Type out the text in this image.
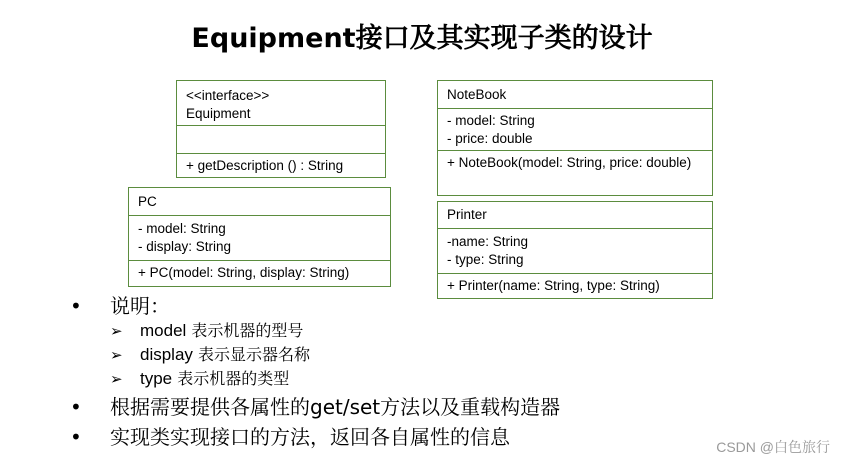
Equipment接口及其实现子类的设计
<<interface>>
Equipment
+ getDescription () : String
PC
- model: String
- display: String
+ PC(model: String, display: String)
NoteBook
- model: String
- price: double
+ NoteBook(model: String, price: double)
Printer
-name: String
- type: String
+ Printer(name: String, type: String)
•	说明：
➢ model 表示机器的型号
➢ display 表示显示器名称
➢ type 表示机器的类型
•	根据需要提供各属性的get/set方法以及重载构造器
•	实现类实现接口的方法，返回各自属性的信息	CSDN @白色旅行
